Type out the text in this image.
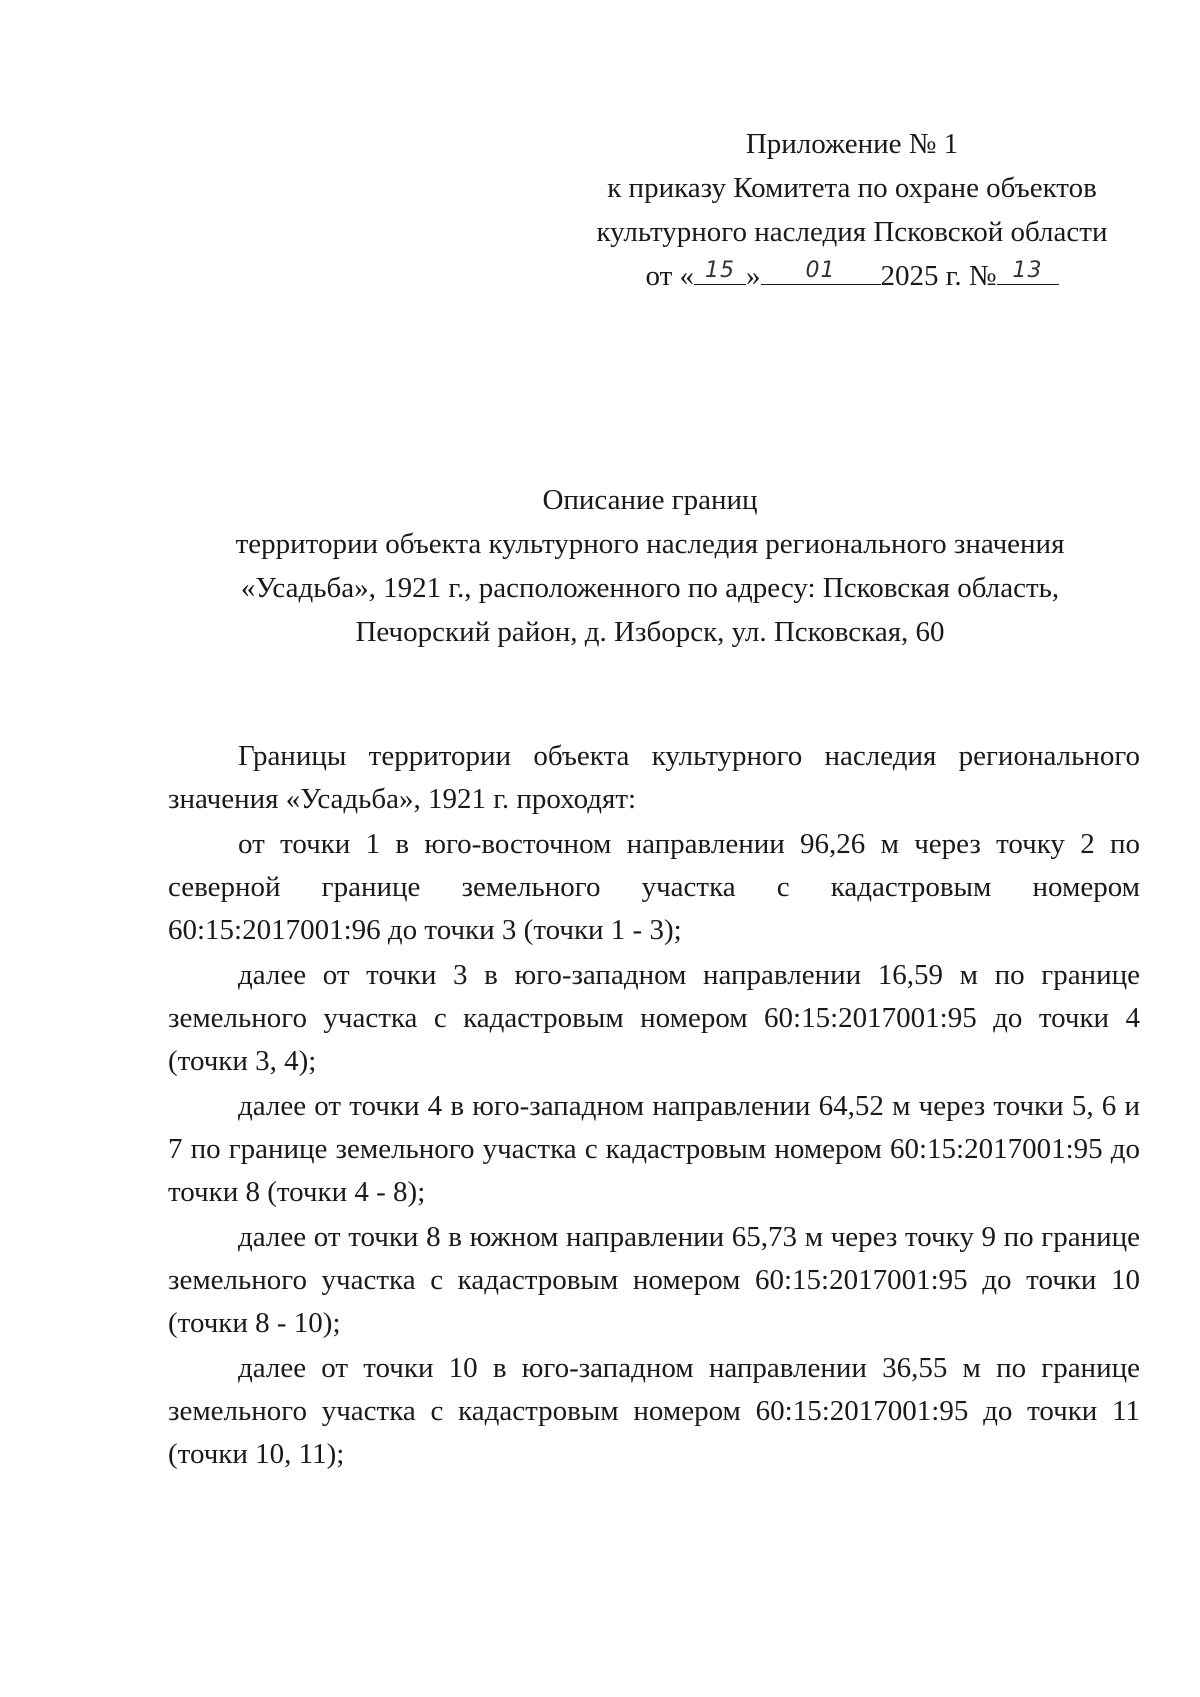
Приложение № 1
к приказу Комитета по охране объектов
культурного наследия Псковской области
от « $^{15}$ » $^{01}$ 2025 г. № $^{13}$
Описание границ
территории объекта культурного наследия регионального значения
«Усадьба», 1921 г., расположенного по адресу: Псковская область,
Печорский район, д. Изборск, ул. Псковская, 60

Границы территории объекта культурного наследия регионального значения «Усадьба», 1921 г. проходят:

от точки 1 в юго-восточном направлении 96,26 м через точку 2 по северной границе земельного участка с кадастровым номером 60:15:2017001:96 до точки 3 (точки 1 - 3);

далее от точки 3 в юго-западном направлении 16,59 м по границе земельного участка с кадастровым номером 60:15:2017001:95 до точки 4 (точки 3, 4);

далее от точки 4 в юго-западном направлении 64,52 м через точки 5, 6 и 7 по границе земельного участка с кадастровым номером 60:15:2017001:95 до точки 8 (точки 4 - 8);

далее от точки 8 в южном направлении 65,73 м через точку 9 по границе земельного участка с кадастровым номером 60:15:2017001:95 до точки 10 (точки 8 - 10);

далее от точки 10 в юго-западном направлении 36,55 м по границе земельного участка с кадастровым номером 60:15:2017001:95 до точки 11 (точки 10, 11);
